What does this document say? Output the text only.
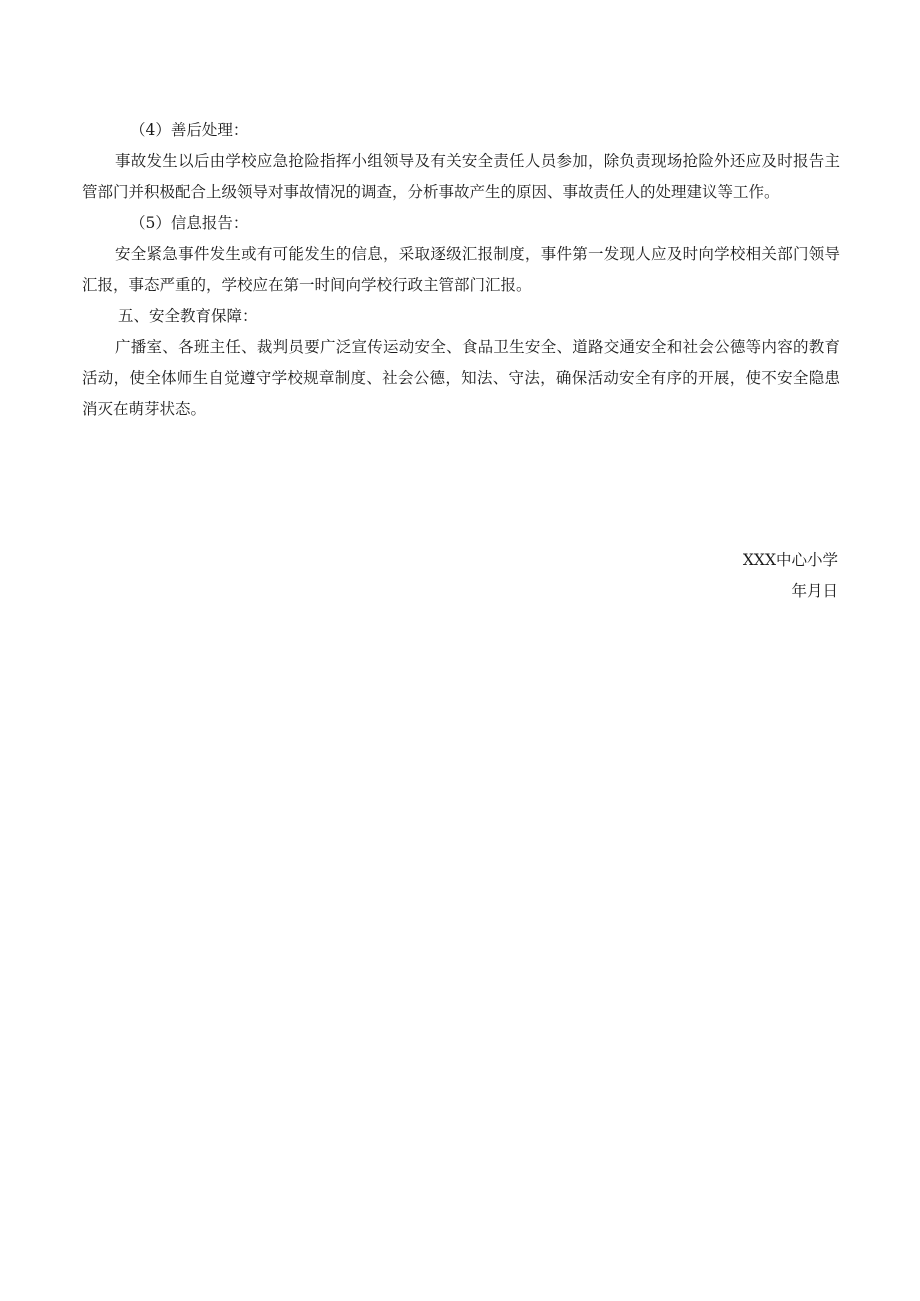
（4）善后处理：

事故发生以后由学校应急抢险指挥小组领导及有关安全责任人员参加，除负责现场抢险外还应及时报告主管部门并积极配合上级领导对事故情况的调查，分析事故产生的原因、事故责任人的处理建议等工作。

（5）信息报告：

安全紧急事件发生或有可能发生的信息，采取逐级汇报制度，事件第一发现人应及时向学校相关部门领导汇报，事态严重的，学校应在第一时间向学校行政主管部门汇报。

五、安全教育保障：

广播室、各班主任、裁判员要广泛宣传运动安全、食品卫生安全、道路交通安全和社会公德等内容的教育活动，使全体师生自觉遵守学校规章制度、社会公德，知法、守法，确保活动安全有序的开展，使不安全隐患消灭在萌芽状态。

XXX中心小学
年月日
